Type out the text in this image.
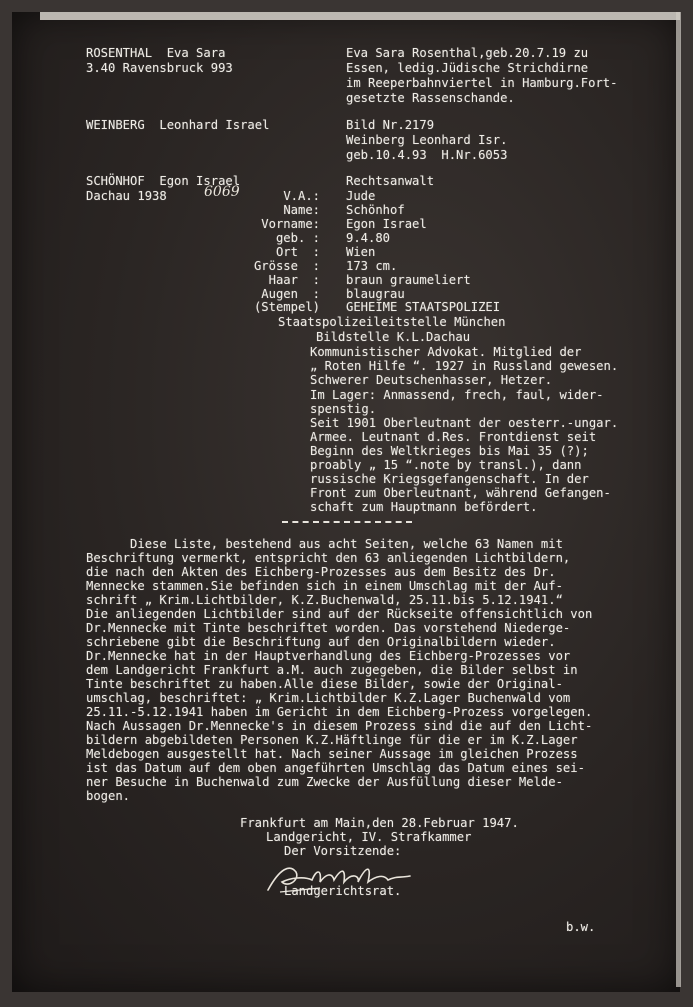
ROSENTHAL  Eva Sara

3.40 Ravensbruck 993

Eva Sara Rosenthal,geb.20.7.19 zu

Essen, ledig.Jüdische Strichdirne

im Reeperbahnviertel in Hamburg.Fort-

gesetzte Rassenschande.

WEINBERG  Leonhard Israel	Bild Nr.2179

Weinberg Leonhard Isr.

geb.10.4.93  H.Nr.6053

SCHÖNHOF  Egon Israel

Dachau 1938	6069

Rechtsanwalt

V.A.: Jude

Name: Schönhof

Vorname: Egon Israel

geb. : 9.4.80

Ort  : Wien

Grösse  : 173 cm.

Haar  : braun graumeliert

Augen  : blaugrau

(Stempel) GEHEIME STAATSPOLIZEI

Staatspolizeileitstelle München

Bildstelle K.L.Dachau

Kommunistischer Advokat. Mitglied der

„ Roten Hilfe “. 1927 in Russland gewesen.

Schwerer Deutschenhasser, Hetzer.

Im Lager: Anmassend, frech, faul, wider-

spenstig.

Seit 1901 Oberleutnant der oesterr.-ungar.

Armee. Leutnant d.Res. Frontdienst seit

Beginn des Weltkrieges bis Mai 35 (?);

proably „ 15 “.note by transl.), dann

russische Kriegsgefangenschaft. In der

Front zum Oberleutnant, während Gefangen-

schaft zum Hauptmann befördert.

Diese Liste, bestehend aus acht Seiten, welche 63 Namen mit

Beschriftung vermerkt, entspricht den 63 anliegenden Lichtbildern,

die nach den Akten des Eichberg-Prozesses aus dem Besitz des Dr.

Mennecke stammen.Sie befinden sich in einem Umschlag mit der Auf-

schrift „ Krim.Lichtbilder, K.Z.Buchenwald, 25.11.bis 5.12.1941.“

Die anliegenden Lichtbilder sind auf der Rückseite offensichtlich von

Dr.Mennecke mit Tinte beschriftet worden. Das vorstehend Niederge-

schriebene gibt die Beschriftung auf den Originalbildern wieder.

Dr.Mennecke hat in der Hauptverhandlung des Eichberg-Prozesses vor

dem Landgericht Frankfurt a.M. auch zugegeben, die Bilder selbst in

Tinte beschriftet zu haben.Alle diese Bilder, sowie der Original-

umschlag, beschriftet: „ Krim.Lichtbilder K.Z.Lager Buchenwald vom

25.11.-5.12.1941 haben im Gericht in dem Eichberg-Prozess vorgelegen.

Nach Aussagen Dr.Mennecke's in diesem Prozess sind die auf den Licht-

bildern abgebildeten Personen K.Z.Häftlinge für die er im K.Z.Lager

Meldebogen ausgestellt hat. Nach seiner Aussage im gleichen Prozess

ist das Datum auf dem oben angeführten Umschlag das Datum eines sei-

ner Besuche in Buchenwald zum Zwecke der Ausfüllung dieser Melde-

bogen.

Frankfurt am Main,den 28.Februar 1947.

Landgericht, IV. Strafkammer

Der Vorsitzende:

Landgerichtsrat.

b.w.
